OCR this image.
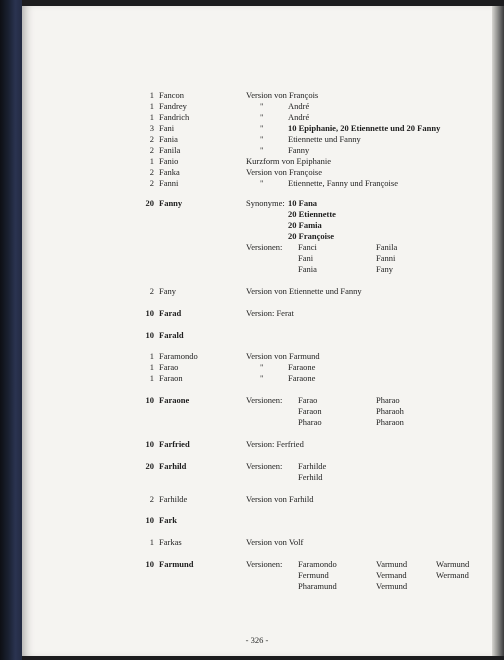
1 Fancon	Version von François
1 Fandrey	"	André
1 Fandrich	"	André
3 Fani	"	10 Epiphanie, 20 Etiennette und 20 Fanny
2 Fania	"	Etiennette und Fanny
2 Fanila	"	Fanny
1 Fanio	Kurzform von Epiphanie
2 Fanka	Version von Françoise
2 Fanni	"	Etiennette, Fanny und Françoise
20 Fanny	Synonyme: 10 Fana
20 Etiennette
20 Famia
20 Françoise
Versionen: Fanci	Fanila
Fani	Fanni
Fania	Fany
2 Fany	Version von Etiennette und Fanny
10 Farad	Version: Ferat
10 Farald
1 Faramondo	Version von Farmund
1 Farao	"	Faraone
1 Faraon	"	Faraone
10 Faraone	Versionen: Farao	Pharao
Faraon	Pharaoh
Pharao	Pharaon
10 Farfried	Version: Ferfried
20 Farhild	Versionen: Farhilde
Ferhild
2 Farhilde	Version von Farhild
10 Fark
1 Farkas	Version von Volf
10 Farmund	Versionen: Faramondo	Varmund	Warmund
Fermund	Vermand	Wermand
Pharamund	Vermund
- 326 -
